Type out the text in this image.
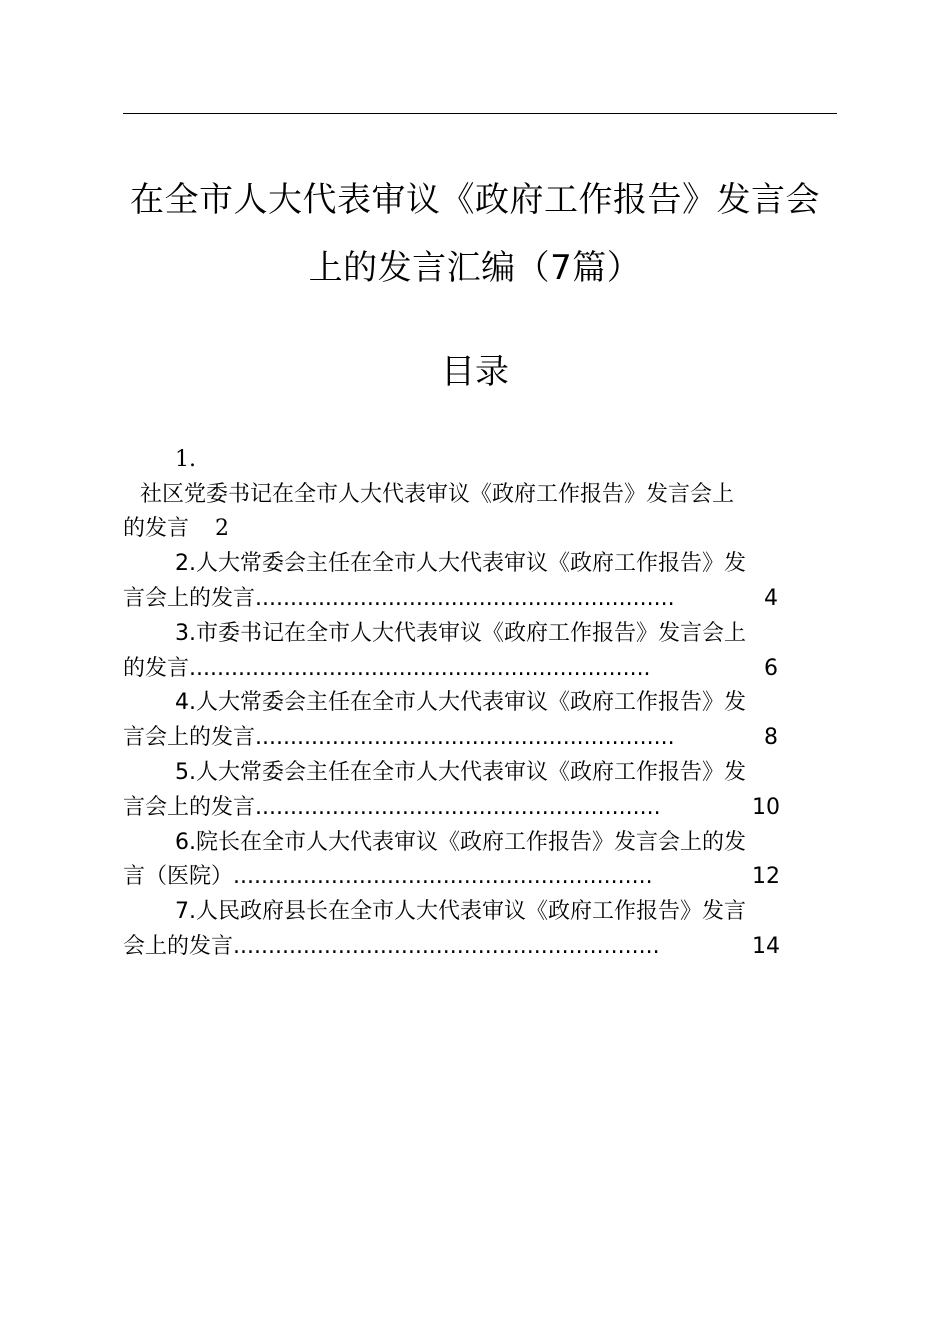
在全市人大代表审议《政府工作报告》发言会
上的发言汇编（7篇）
目录

1.

社区党委书记在全市人大代表审议《政府工作报告》发言会上

的发言 2

2.人大常委会主任在全市人大代表审议《政府工作报告》发

言会上的发言............................................................	4

3.市委书记在全市人大代表审议《政府工作报告》发言会上

的发言..................................................................	6

4.人大常委会主任在全市人大代表审议《政府工作报告》发

言会上的发言............................................................	8

5.人大常委会主任在全市人大代表审议《政府工作报告》发

言会上的发言..........................................................	10

6.院长在全市人大代表审议《政府工作报告》发言会上的发

言（医院）............................................................	12

7.人民政府县长在全市人大代表审议《政府工作报告》发言

会上的发言.............................................................	14
